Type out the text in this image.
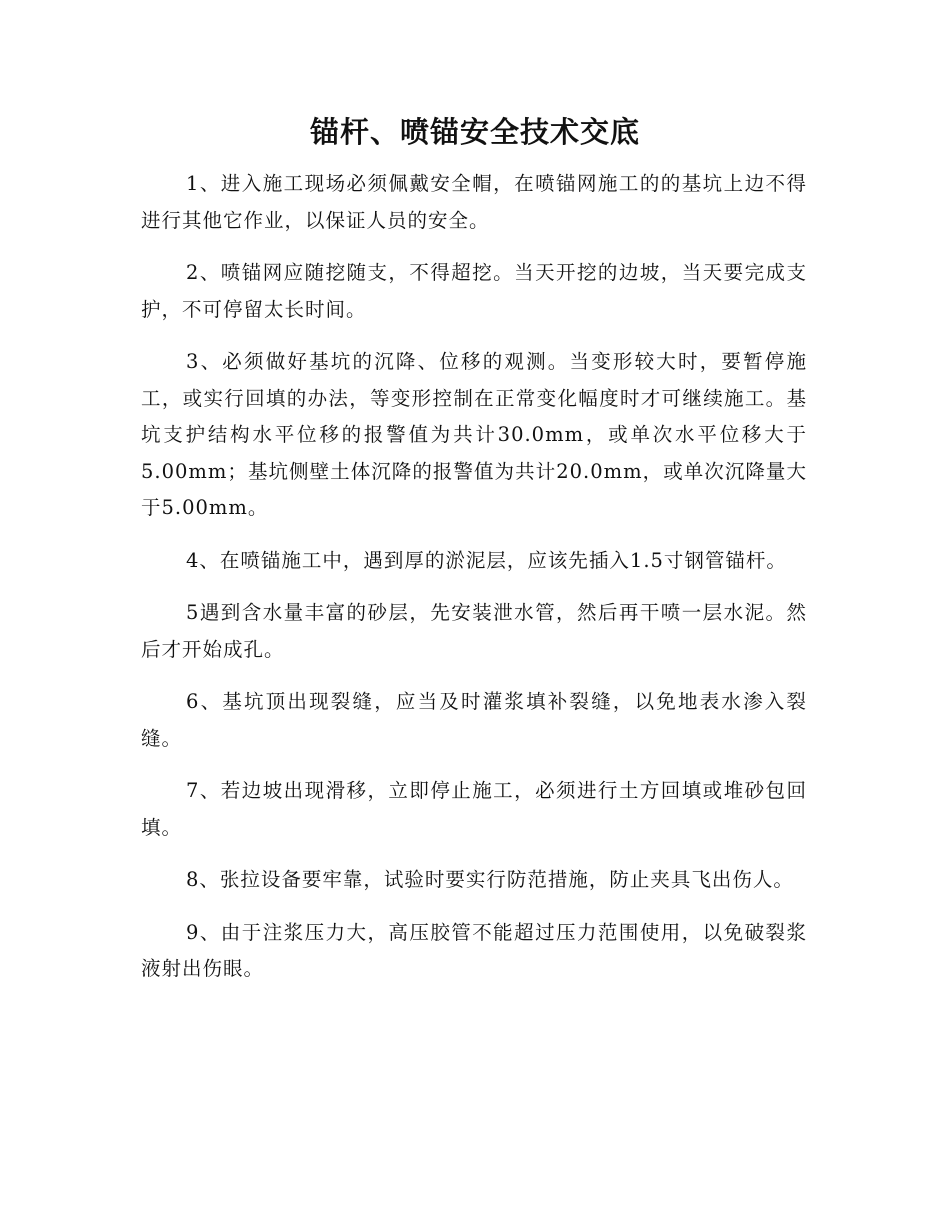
锚杆、喷锚安全技术交底

1、进入施工现场必须佩戴安全帽，在喷锚网施工的的基坑上边不得进行其他它作业，以保证人员的安全。

2、喷锚网应随挖随支，不得超挖。当天开挖的边坡，当天要完成支护，不可停留太长时间。

3、必须做好基坑的沉降、位移的观测。当变形较大时，要暂停施工，或实行回填的办法，等变形控制在正常变化幅度时才可继续施工。基坑支护结构水平位移的报警值为共计30.0mm，或单次水平位移大于5.00mm；基坑侧壁土体沉降的报警值为共计20.0mm，或单次沉降量大于5.00mm。

4、在喷锚施工中，遇到厚的淤泥层，应该先插入1.5寸钢管锚杆。

5遇到含水量丰富的砂层，先安装泄水管，然后再干喷一层水泥。然后才开始成孔。

6、基坑顶出现裂缝，应当及时灌浆填补裂缝，以免地表水渗入裂缝。

7、若边坡出现滑移，立即停止施工，必须进行土方回填或堆砂包回填。

8、张拉设备要牢靠，试验时要实行防范措施，防止夹具飞出伤人。

9、由于注浆压力大，高压胶管不能超过压力范围使用，以免破裂浆液射出伤眼。
